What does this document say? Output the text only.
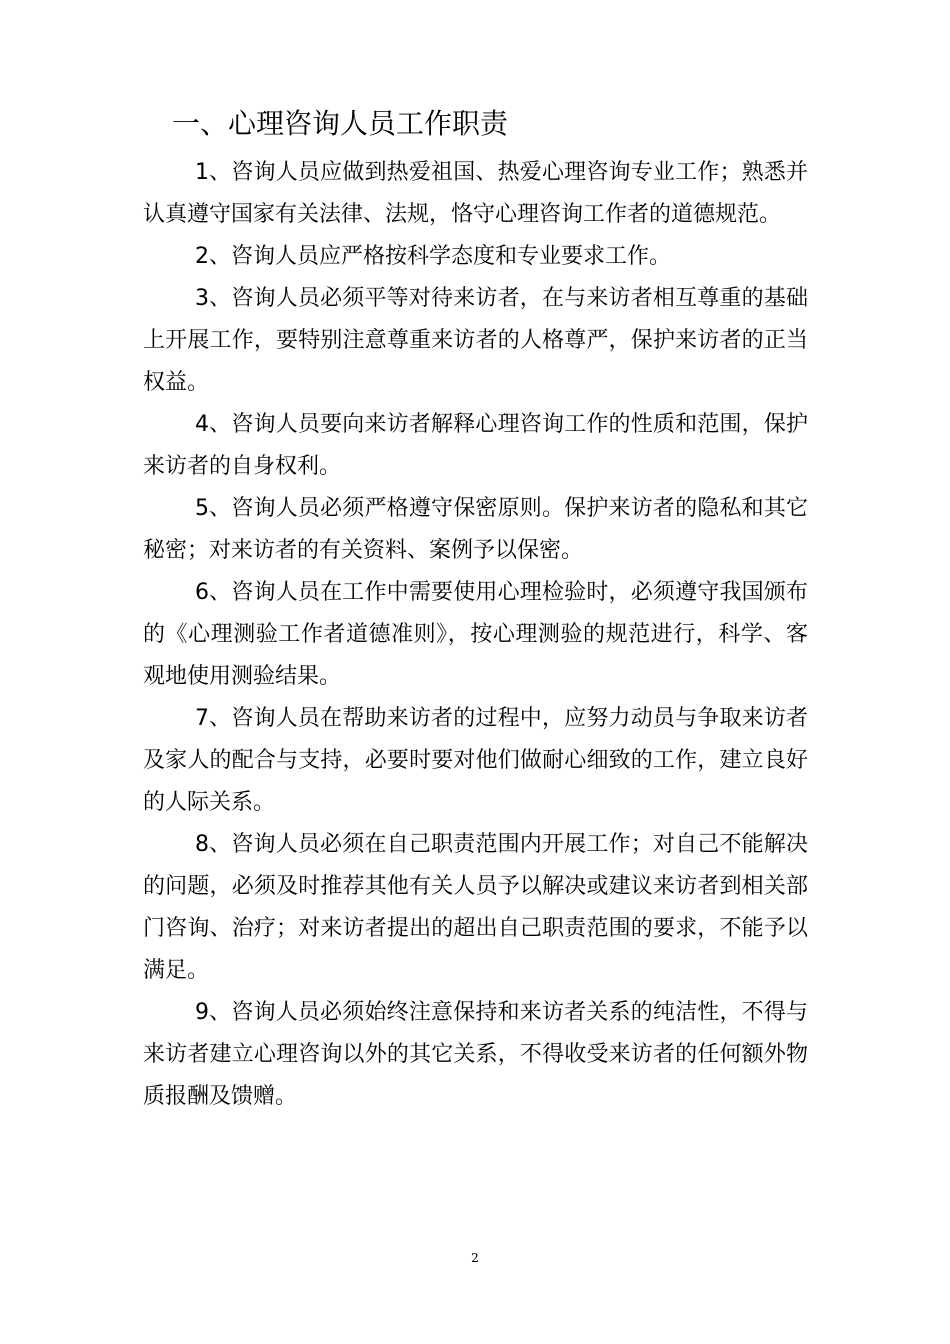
一、心理咨询人员工作职责

1、咨询人员应做到热爱祖国、热爱心理咨询专业工作；熟悉并认真遵守国家有关法律、法规，恪守心理咨询工作者的道德规范。

2、咨询人员应严格按科学态度和专业要求工作。

3、咨询人员必须平等对待来访者，在与来访者相互尊重的基础上开展工作，要特别注意尊重来访者的人格尊严，保护来访者的正当权益。

4、咨询人员要向来访者解释心理咨询工作的性质和范围，保护来访者的自身权利。

5、咨询人员必须严格遵守保密原则。保护来访者的隐私和其它秘密；对来访者的有关资料、案例予以保密。

6、咨询人员在工作中需要使用心理检验时，必须遵守我国颁布的《心理测验工作者道德准则》，按心理测验的规范进行，科学、客观地使用测验结果。

7、咨询人员在帮助来访者的过程中，应努力动员与争取来访者及家人的配合与支持，必要时要对他们做耐心细致的工作，建立良好的人际关系。

8、咨询人员必须在自己职责范围内开展工作；对自己不能解决的问题，必须及时推荐其他有关人员予以解决或建议来访者到相关部门咨询、治疗；对来访者提出的超出自己职责范围的要求，不能予以满足。

9、咨询人员必须始终注意保持和来访者关系的纯洁性，不得与来访者建立心理咨询以外的其它关系，不得收受来访者的任何额外物质报酬及馈赠。

2
